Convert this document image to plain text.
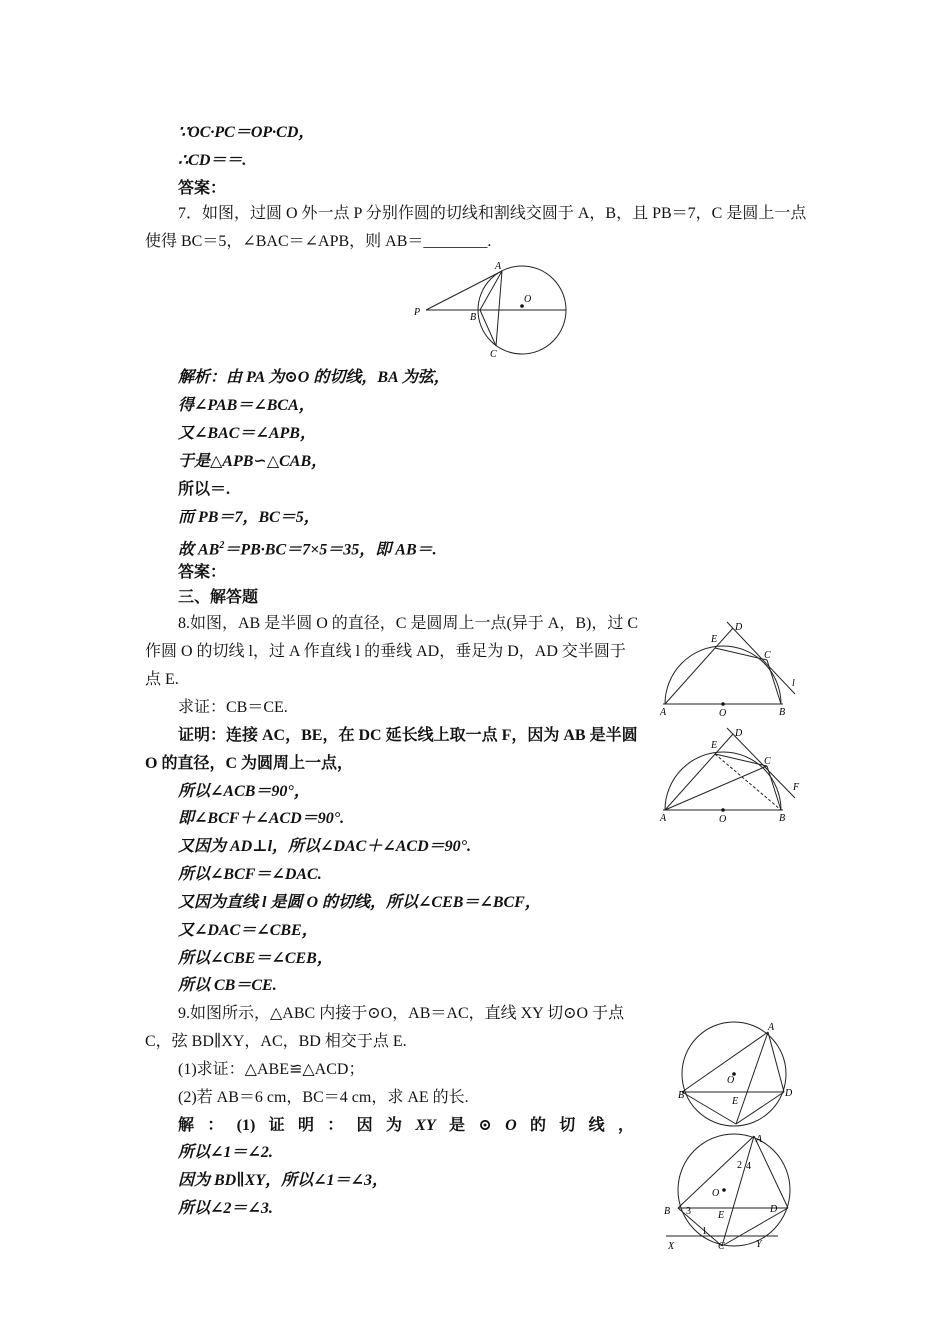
∵OC·PC＝OP·CD，
∴CD＝＝.
答案：
7．如图，过圆 O 外一点 P 分别作圆的切线和割线交圆于 A，B，且 PB＝7，C 是圆上一点
使得 BC＝5，∠BAC＝∠APB，则 AB＝________.
A
O
P	B
C
解析：由 PA 为⊙O 的切线，BA 为弦，
得∠PAB＝∠BCA，
又∠BAC＝∠APB，
于是△APB∽△CAB，
所以＝.
而 PB＝7，BC＝5，
故 $AB^2=PB\cdot BC=7\times 5=35$，即 AB＝.
答案：
三、解答题
8.如图，AB 是半圆 O 的直径，C 是圆周上一点(异于 A，B)，过 C
作圆 O 的切线 l，过 A 作直线 l 的垂线 AD，垂足为 D，AD 交半圆于
点 E.
求证：CB＝CE.	A	O	B
E
D
C
l
证明：连接 AC，BE，在 DC 延长线上取一点 F，因为 AB 是半圆
O 的直径，C 为圆周上一点，
所以∠ACB＝90°，
即∠BCF＋∠ACD＝90°.
又因为 AD⊥l，所以∠DAC＋∠ACD＝90°.
所以∠BCF＝∠DAC.
又因为直线 l 是圆 O 的切线，所以∠CEB＝∠BCF，
又∠DAC＝∠CBE，
所以∠CBE＝∠CEB，
所以 CB＝CE.
A	O	B
E
D
C
F
9.如图所示，△ABC 内接于⊙O，AB＝AC，直线 XY 切⊙O 于点
C，弦 BD∥XY，AC，BD 相交于点 E.
(1)求证：△ABE≌△ACD；
(2)若 AB＝6 cm，BC＝4 cm，求 AE 的长.
解 ： (1) 证 明 ： 因 为 XY 是 ⊙ O 的 切 线 ，
所以∠1＝∠2.
因为 BD∥XY，所以∠1＝∠3，
所以∠2＝∠3.
A
O
B	D
E
A
O
B	D
E
X	C	Y
2 4
3
1
